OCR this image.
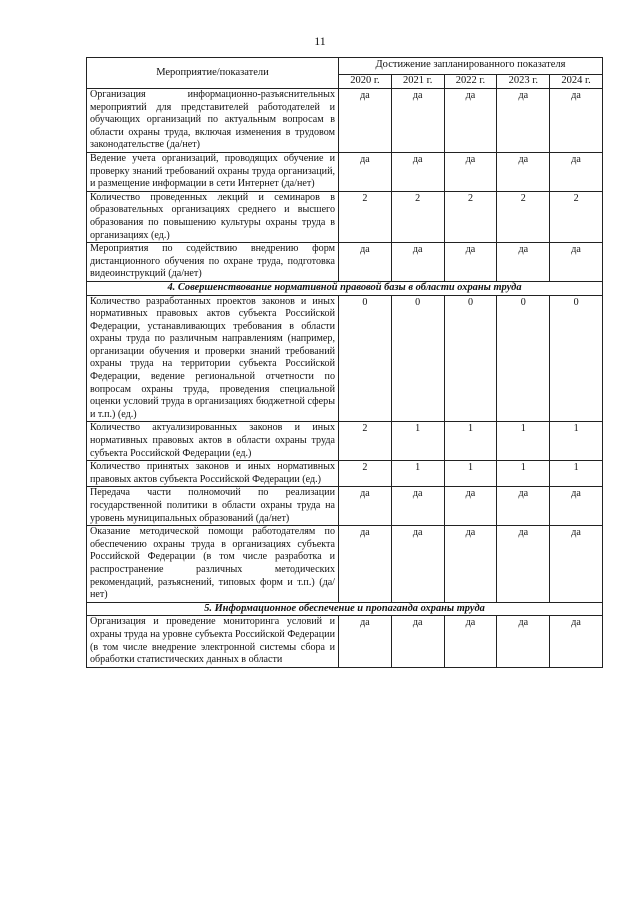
11
Мероприятие/показатели	Достижение запланированного показателя				
	2020 г.	2021 г.	2022 г.	2023 г.	2024 г.
Организация информационно-разъяснительных мероприятий для представителей работодателей и обучающих организаций по актуальным вопросам в области охраны труда, включая изменения в трудовом законодательстве (да/нет)	да	да	да	да	да
Ведение учета организаций, проводящих обучение и проверку знаний требований охраны труда организаций, и размещение информации в сети Интернет (да/нет)	да	да	да	да	да
Количество проведенных лекций и семинаров в образовательных организациях среднего и высшего образования по повышению культуры охраны труда в организациях (ед.)	2	2	2	2	2
Мероприятия по содействию внедрению форм дистанционного обучения по охране труда, подготовка видеоинструкций (да/нет)	да	да	да	да	да
4. Совершенствование нормативной правовой базы в области охраны труда					
Количество разработанных проектов законов и иных нормативных правовых актов субъекта Российской Федерации, устанавливающих требования в области охраны труда по различным направлениям (например, организации обучения и проверки знаний требований охраны труда на территории субъекта Российской Федерации, ведение региональной отчетности по вопросам охраны труда, проведения специальной оценки условий труда в организациях бюджетной сферы и т.п.) (ед.)	0	0	0	0	0
Количество актуализированных законов и иных нормативных правовых актов в области охраны труда субъекта Российской Федерации (ед.)	2	1	1	1	1
Количество принятых законов и иных нормативных правовых актов субъекта Российской Федерации (ед.)	2	1	1	1	1
Передача части полномочий по реализации государственной политики в области охраны труда на уровень муниципальных образований (да/нет)	да	да	да	да	да
Оказание методической помощи работодателям по обеспечению охраны труда в организациях субъекта Российской Федерации (в том числе разработка и распространение различных методических рекомендаций, разъяснений, типовых форм и т.п.) (да/нет)	да	да	да	да	да
5. Информационное обеспечение и пропаганда охраны труда					
Организация и проведение мониторинга условий и охраны труда на уровне субъекта Российской Федерации (в том числе внедрение электронной системы сбора и обработки статистических данных в области	да	да	да	да	да
